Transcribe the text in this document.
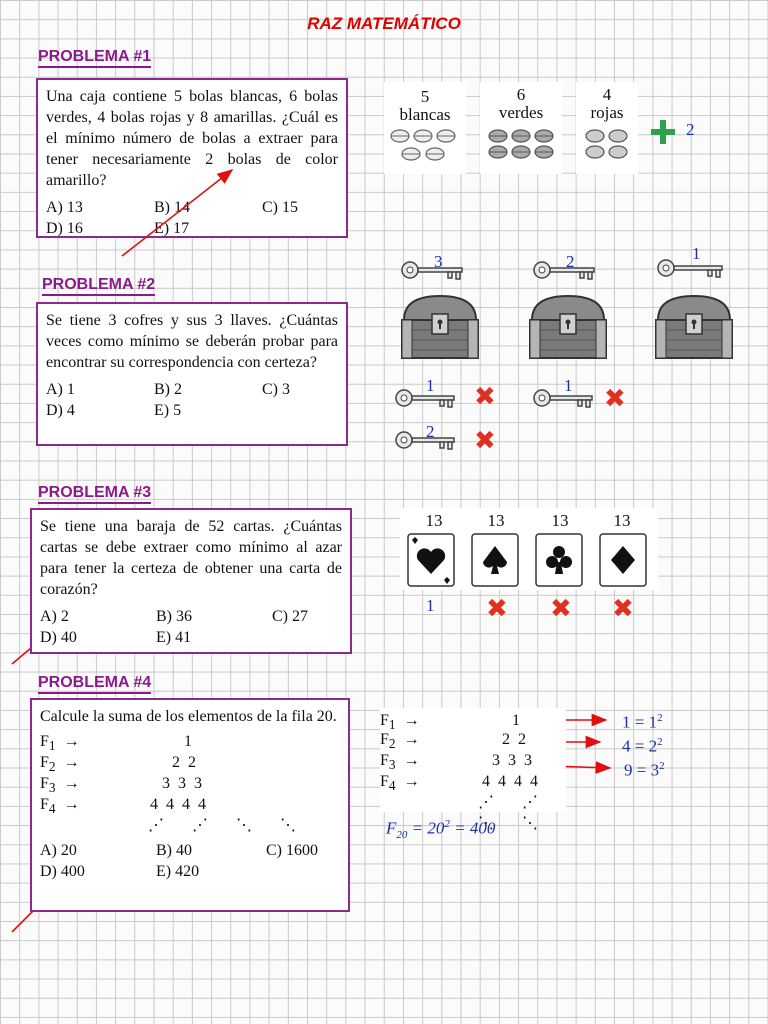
RAZ MATEMÁTICO
PROBLEMA #1

Una caja contiene 5 bolas blancas, 6 bolas verdes, 4 bolas rojas y 8 amarillas. ¿Cuál es el mínimo número de bolas a extraer para tener necesariamente 2 bolas de color amarillo?

A) 13	B) 14	C) 15
D) 16	E) 17
5
blancas
6
verdes
4
rojas
2
PROBLEMA #2

Se tiene 3 cofres y sus 3 llaves. ¿Cuántas veces como mínimo se deberán probar para encontrar su correspondencia con certeza?

A) 1	B) 2	C) 3
D) 4	E) 5
3	2	1
1 ✖	1 ✖
2 ✖
PROBLEMA #3

Se tiene una baraja de 52 cartas. ¿Cuántas cartas se debe extraer como mínimo al azar para tener la certeza de obtener una carta de corazón?

A) 2	B) 36	C) 27
D) 40	E) 41
13	13	13	13
1 ✖ ✖ ✖
PROBLEMA #4

Calcule la suma de los elementos de la fila 20.

$F_1$  →	1
$F_2$  →	2  2
$F_3$  →	3  3  3
$F_4$  →	4  4  4  4
⋰ ⋰ ⋱ ⋱
A) 20	B) 40	C) 1600
D) 400	E) 420
$F_1$  →	1
$F_2$  →	2  2
$F_3$  →	3  3  3
$F_4$  →	4  4  4  4
⋰ ⋰ ⋱ ⋱
$1 = 1^2$
$4 = 2^2$
$9 = 3^2$
$F_{20} = 20^2 = 400$
